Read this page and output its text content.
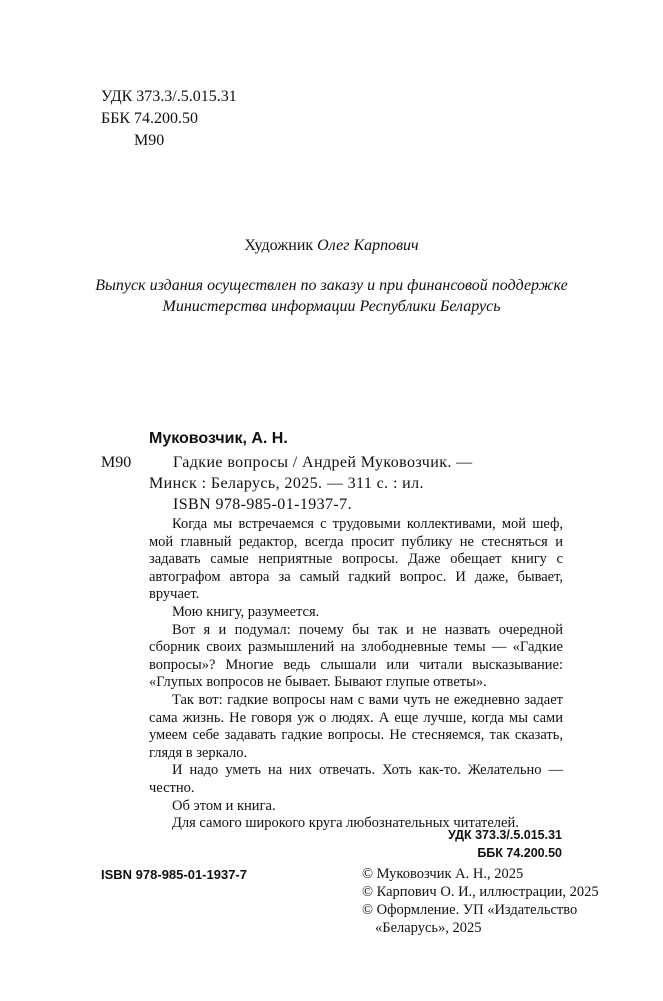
УДК 373.3/.5.015.31
ББК 74.200.50
М90
Художник Олег Карпович
Выпуск издания осуществлен по заказу и при финансовой поддержке
Министерства информации Республики Беларусь
Муковозчик, А. Н.
М90	Гадкие вопросы / Андрей Муковозчик. —
Минск : Беларусь, 2025. — 311 с. : ил.
ISBN 978-985-01-1937-7.

Когда мы встречаемся с трудовыми коллективами, мой шеф, мой главный редактор, всегда просит публику не стесняться и задавать самые неприятные вопросы. Даже обещает книгу с автографом автора за самый гадкий вопрос. И даже, бывает, вручает.

Мою книгу, разумеется.

Вот я и подумал: почему бы так и не назвать очередной сборник своих размышлений на злободневные темы — «Гадкие вопросы»? Многие ведь слышали или читали высказывание: «Глупых вопросов не бывает. Бывают глупые ответы».

Так вот: гадкие вопросы нам с вами чуть не ежедневно задает сама жизнь. Не говоря уж о людях. А еще лучше, когда мы сами умеем себе задавать гадкие вопросы. Не стесняемся, так сказать, глядя в зеркало.

И надо уметь на них отвечать. Хоть как-то. Желательно — честно.

Об этом и книга.

Для самого широкого круга любознательных читателей.

УДК 373.3/.5.015.31
ББК 74.200.50
ISBN 978-985-01-1937-7	© Муковозчик А. Н., 2025
© Карпович О. И., иллюстрации, 2025
© Оформление. УП «Издательство
«Беларусь», 2025
